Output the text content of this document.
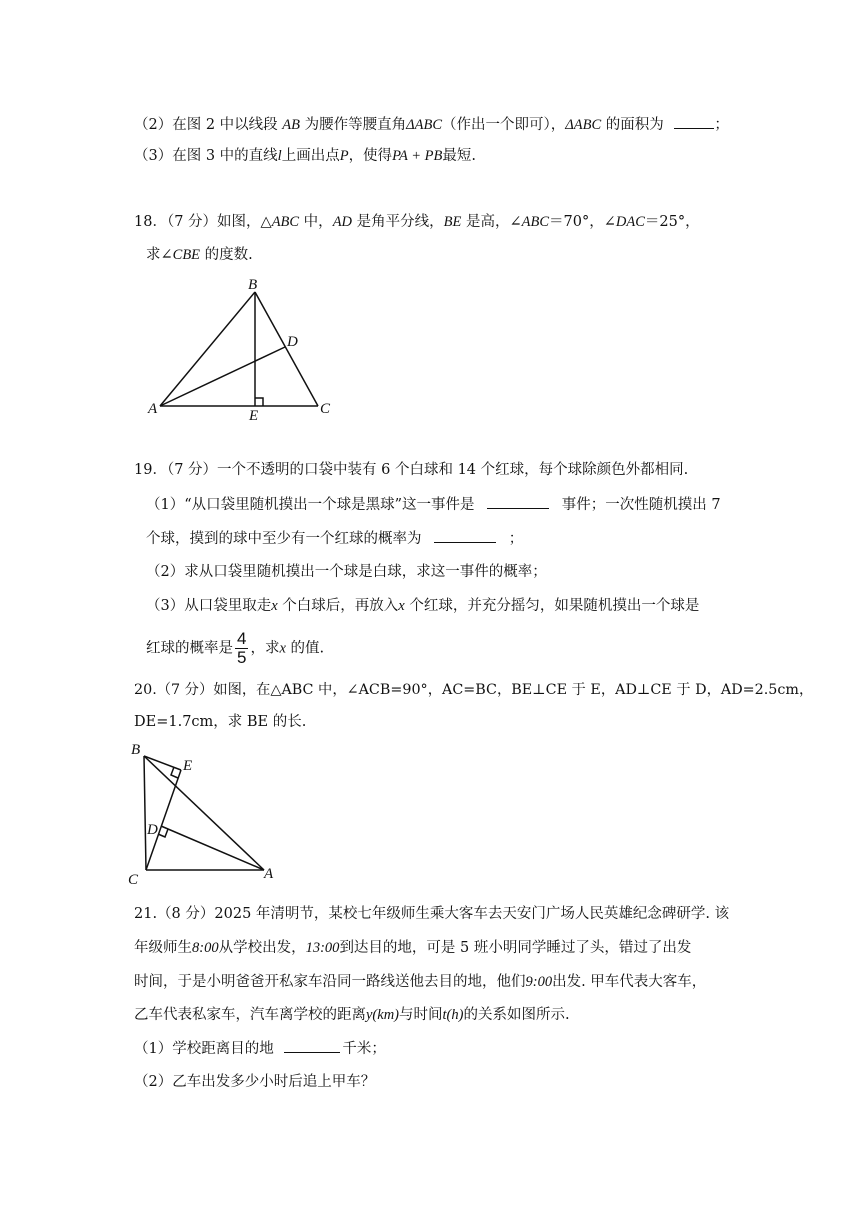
（2）在图 2 中以线段 AB 为腰作等腰直角ΔABC（作出一个即可），ΔABC 的面积为	；
（3）在图 3 中的直线l上画出点P，使得PA + PB最短.
18．（7 分）如图，△ABC 中，AD 是角平分线，BE 是高，∠ABC＝70°，∠DAC＝25°，
求∠CBE 的度数.
B
D
A	E	C
19．（7 分）一个不透明的口袋中装有 6 个白球和 14 个红球，每个球除颜色外都相同.
（1）“从口袋里随机摸出一个球是黑球”这一事件是	事件；一次性随机摸出 7
个球，摸到的球中至少有一个红球的概率为	；
（2）求从口袋里随机摸出一个球是白球，求这一事件的概率；
（3）从口袋里取走x 个白球后，再放入x 个红球，并充分摇匀，如果随机摸出一个球是
红球的概率是 $\frac{4}{5}$ ，求x 的值.
20.（7 分）如图，在△ABC 中，∠ACB=90°，AC=BC，BE⊥CE 于 E，AD⊥CE 于 D，AD=2.5cm，
DE=1.7cm，求 BE 的长.
B
E
D
C	A
21.（8 分）2025 年清明节，某校七年级师生乘大客车去天安门广场人民英雄纪念碑研学. 该
年级师生8:00从学校出发，13:00到达目的地，可是 5 班小明同学睡过了头，错过了出发
时间，于是小明爸爸开私家车沿同一路线送他去目的地，他们9:00出发. 甲车代表大客车，
乙车代表私家车，汽车离学校的距离y(km)与时间t(h)的关系如图所示.
（1）学校距离目的地	千米；
（2）乙车出发多少小时后追上甲车？
